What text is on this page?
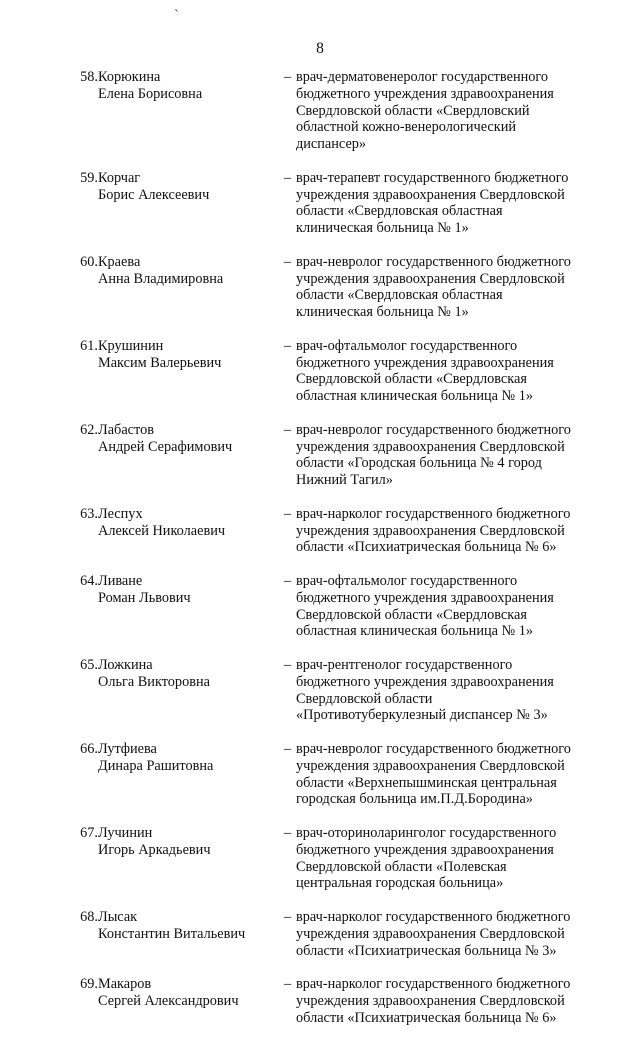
`
8
58. Корюкина
Елена Борисовна
– врач-дерматовенеролог государственного
бюджетного учреждения здравоохранения
Свердловской области «Свердловский
областной кожно-венерологический
диспансер»
59. Корчаг
Борис Алексеевич
– врач-терапевт государственного бюджетного
учреждения здравоохранения Свердловской
области «Свердловская областная
клиническая больница № 1»
60. Краева
Анна Владимировна
– врач-невролог государственного бюджетного
учреждения здравоохранения Свердловской
области «Свердловская областная
клиническая больница № 1»
61. Крушинин
Максим Валерьевич
– врач-офтальмолог государственного
бюджетного учреждения здравоохранения
Свердловской области «Свердловская
областная клиническая больница № 1»
62. Лабастов
Андрей Серафимович
– врач-невролог государственного бюджетного
учреждения здравоохранения Свердловской
области «Городская больница № 4 город
Нижний Тагил»
63. Леспух
Алексей Николаевич
– врач-нарколог государственного бюджетного
учреждения здравоохранения Свердловской
области «Психиатрическая больница № 6»
64. Ливане
Роман Львович
– врач-офтальмолог государственного
бюджетного учреждения здравоохранения
Свердловской области «Свердловская
областная клиническая больница № 1»
65. Ложкина
Ольга Викторовна
– врач-рентгенолог государственного
бюджетного учреждения здравоохранения
Свердловской области
«Противотуберкулезный диспансер № 3»
66. Лутфиева
Динара Рашитовна
– врач-невролог государственного бюджетного
учреждения здравоохранения Свердловской
области «Верхнепышминская центральная
городская больница им.П.Д.Бородина»
67. Лучинин
Игорь Аркадьевич
– врач-оториноларинголог государственного
бюджетного учреждения здравоохранения
Свердловской области «Полевская
центральная городская больница»
68. Лысак
Константин Витальевич
– врач-нарколог государственного бюджетного
учреждения здравоохранения Свердловской
области «Психиатрическая больница № 3»
69. Макаров
Сергей Александрович
– врач-нарколог государственного бюджетного
учреждения здравоохранения Свердловской
области «Психиатрическая больница № 6»
